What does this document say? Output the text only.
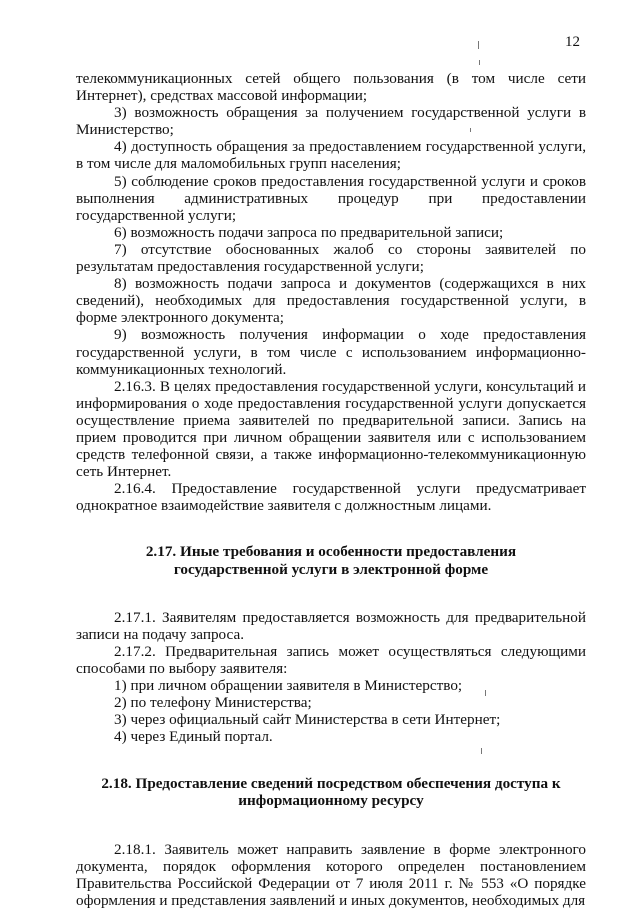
12

телекоммуникационных сетей общего пользования (в том числе сети Интернет), средствах массовой информации;

3) возможность обращения за получением государственной услуги в Министерство;

4) доступность обращения за предоставлением государственной услуги, в том числе для маломобильных групп населения;

5) соблюдение сроков предоставления государственной услуги и сроков выполнения административных процедур при предоставлении государственной услуги;

6) возможность подачи запроса по предварительной записи;

7) отсутствие обоснованных жалоб со стороны заявителей по результатам предоставления государственной услуги;

8) возможность подачи запроса и документов (содержащихся в них сведений), необходимых для предоставления государственной услуги, в форме электронного документа;

9) возможность получения информации о ходе предоставления государственной услуги, в том числе с использованием информационно-коммуникационных технологий.

2.16.3. В целях предоставления государственной услуги, консультаций и информирования о ходе предоставления государственной услуги допускается осуществление приема заявителей по предварительной записи. Запись на прием проводится при личном обращении заявителя или с использованием средств телефонной связи, а также информационно-телекоммуникационную сеть Интернет.

2.16.4. Предоставление государственной услуги предусматривает однократное взаимодействие заявителя с должностным лицами.

2.17. Иные требования и особенности предоставления
государственной услуги в электронной форме

2.17.1. Заявителям предоставляется возможность для предварительной записи на подачу запроса.

2.17.2. Предварительная запись может осуществляться следующими способами по выбору заявителя:

1) при личном обращении заявителя в Министерство;

2) по телефону Министерства;

3) через официальный сайт Министерства в сети Интернет;

4) через Единый портал.

2.18. Предоставление сведений посредством обеспечения доступа к
информационному ресурсу

2.18.1. Заявитель может направить заявление в форме электронного документа, порядок оформления которого определен постановлением Правительства Российской Федерации от 7 июля 2011 г. № 553 «О порядке оформления и представления заявлений и иных документов, необходимых для
